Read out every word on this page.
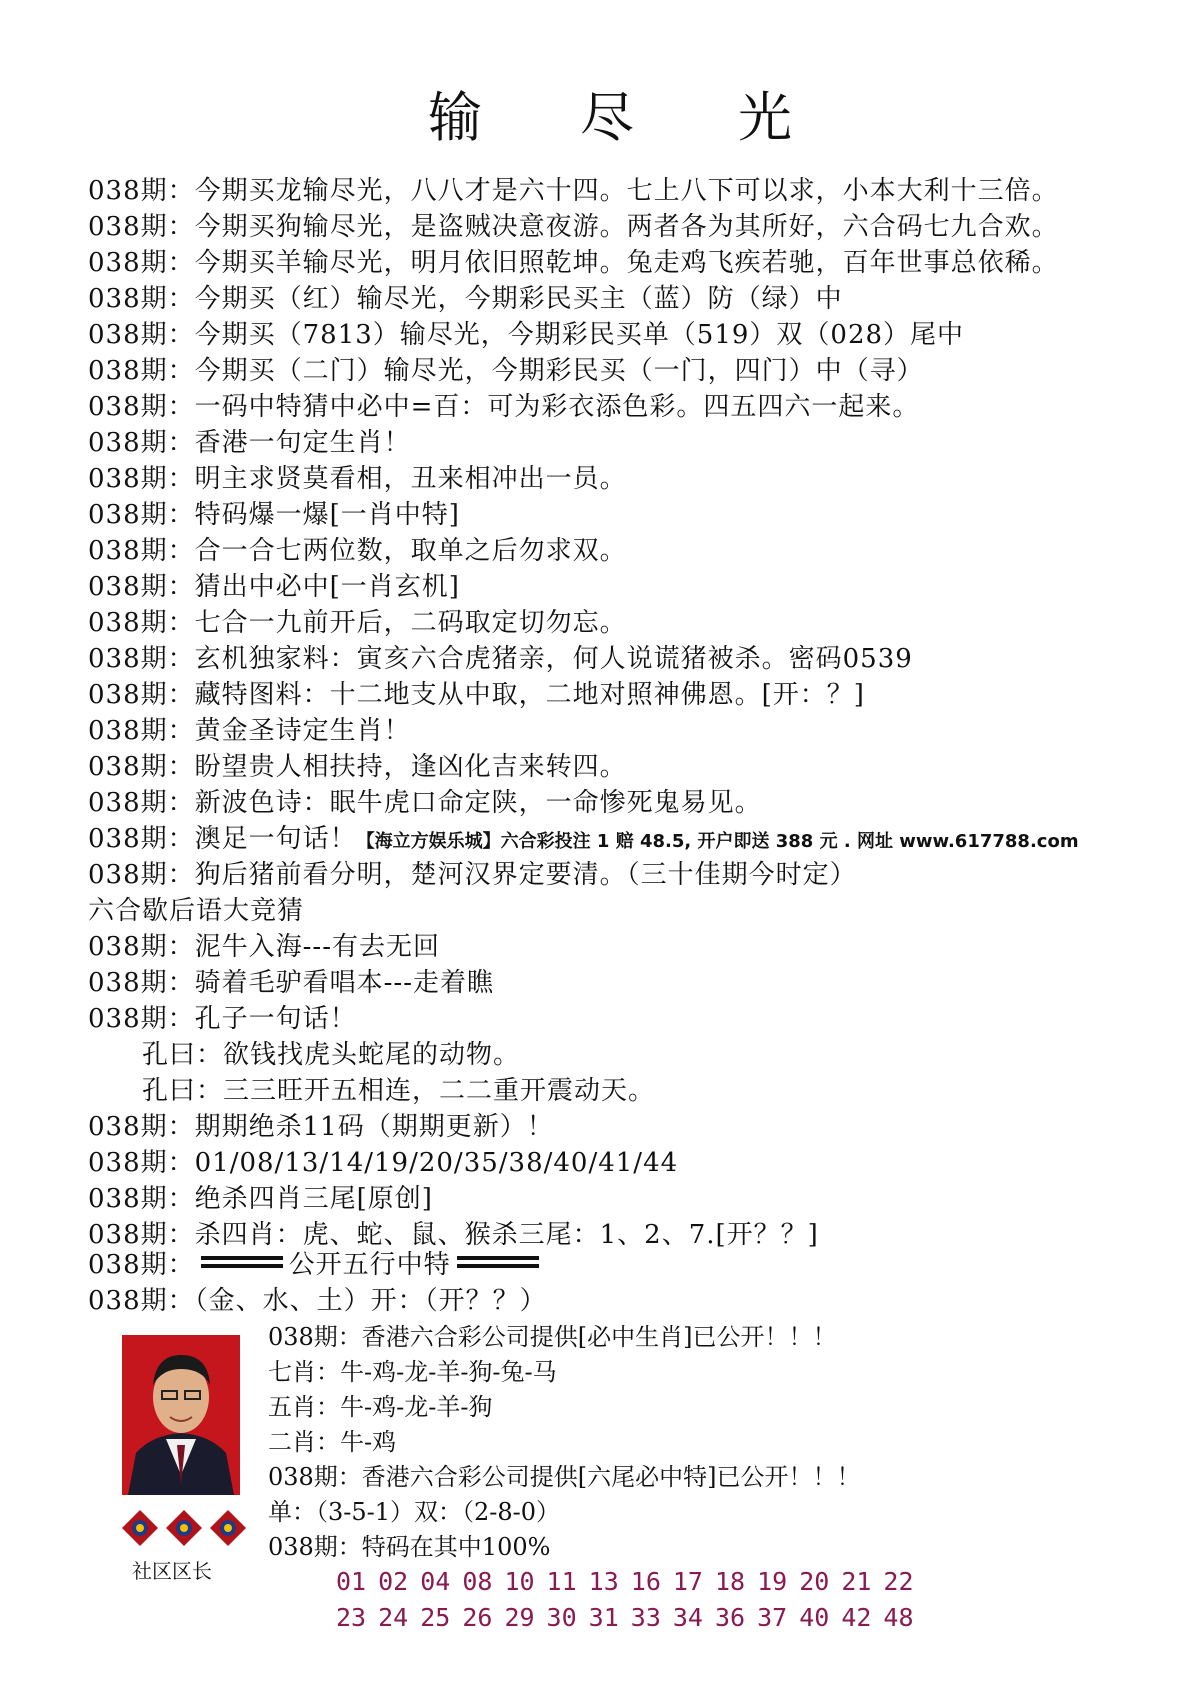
输 尽 光
038期：今期买龙输尽光，八八才是六十四。七上八下可以求，小本大利十三倍。
038期：今期买狗输尽光，是盗贼决意夜游。两者各为其所好，六合码七九合欢。
038期：今期买羊输尽光，明月依旧照乾坤。兔走鸡飞疾若驰，百年世事总依稀。
038期：今期买（红）输尽光，今期彩民买主（蓝）防（绿）中
038期：今期买（7813）输尽光，今期彩民买单（519）双（028）尾中
038期：今期买（二门）输尽光，今期彩民买（一门，四门）中（寻）
038期：一码中特猜中必中=百：可为彩衣添色彩。四五四六一起来。
038期：香港一句定生肖！
038期：明主求贤莫看相，丑来相冲出一员。
038期：特码爆一爆[一肖中特]
038期：合一合七两位数，取单之后勿求双。
038期：猜出中必中[一肖玄机]
038期：七合一九前开后，二码取定切勿忘。
038期：玄机独家料：寅亥六合虎猪亲，何人说谎猪被杀。密码0539
038期：藏特图料：十二地支从中取，二地对照神佛恩。[开：？]
038期：黄金圣诗定生肖！
038期：盼望贵人相扶持，逢凶化吉来转四。
038期：新波色诗：眠牛虎口命定陕，一命惨死鬼易见。
038期：澳足一句话！【海立方娱乐城】六合彩投注 1 赔 48.5, 开户即送 388 元 . 网址 www.617788.com
038期：狗后猪前看分明，楚河汉界定要清。（三十佳期今时定）
六合歇后语大竞猜
038期：泥牛入海---有去无回
038期：骑着毛驴看唱本---走着瞧
038期：孔子一句话！
　　孔曰：欲钱找虎头蛇尾的动物。
　　孔曰：三三旺开五相连，二二重开震动天。
038期：期期绝杀11码（期期更新）！
038期：01/08/13/14/19/20/35/38/40/41/44
038期：绝杀四肖三尾[原创]
038期：杀四肖：虎、蛇、鼠、猴杀三尾：1、2、7.[开？？]
038期：	公开五行中特
038期：（金、水、土）开：（开？？）
社区区长
038期：香港六合彩公司提供[必中生肖]已公开！！！
七肖：牛-鸡-龙-羊-狗-兔-马
五肖：牛-鸡-龙-羊-狗
二肖：牛-鸡
038期：香港六合彩公司提供[六尾必中特]已公开！！！
单：（3-5-1）双：（2-8-0）
038期：特码在其中100%
01 02 04 08 10 11 13 16 17 18 19 20 21 22
23 24 25 26 29 30 31 33 34 36 37 40 42 48
